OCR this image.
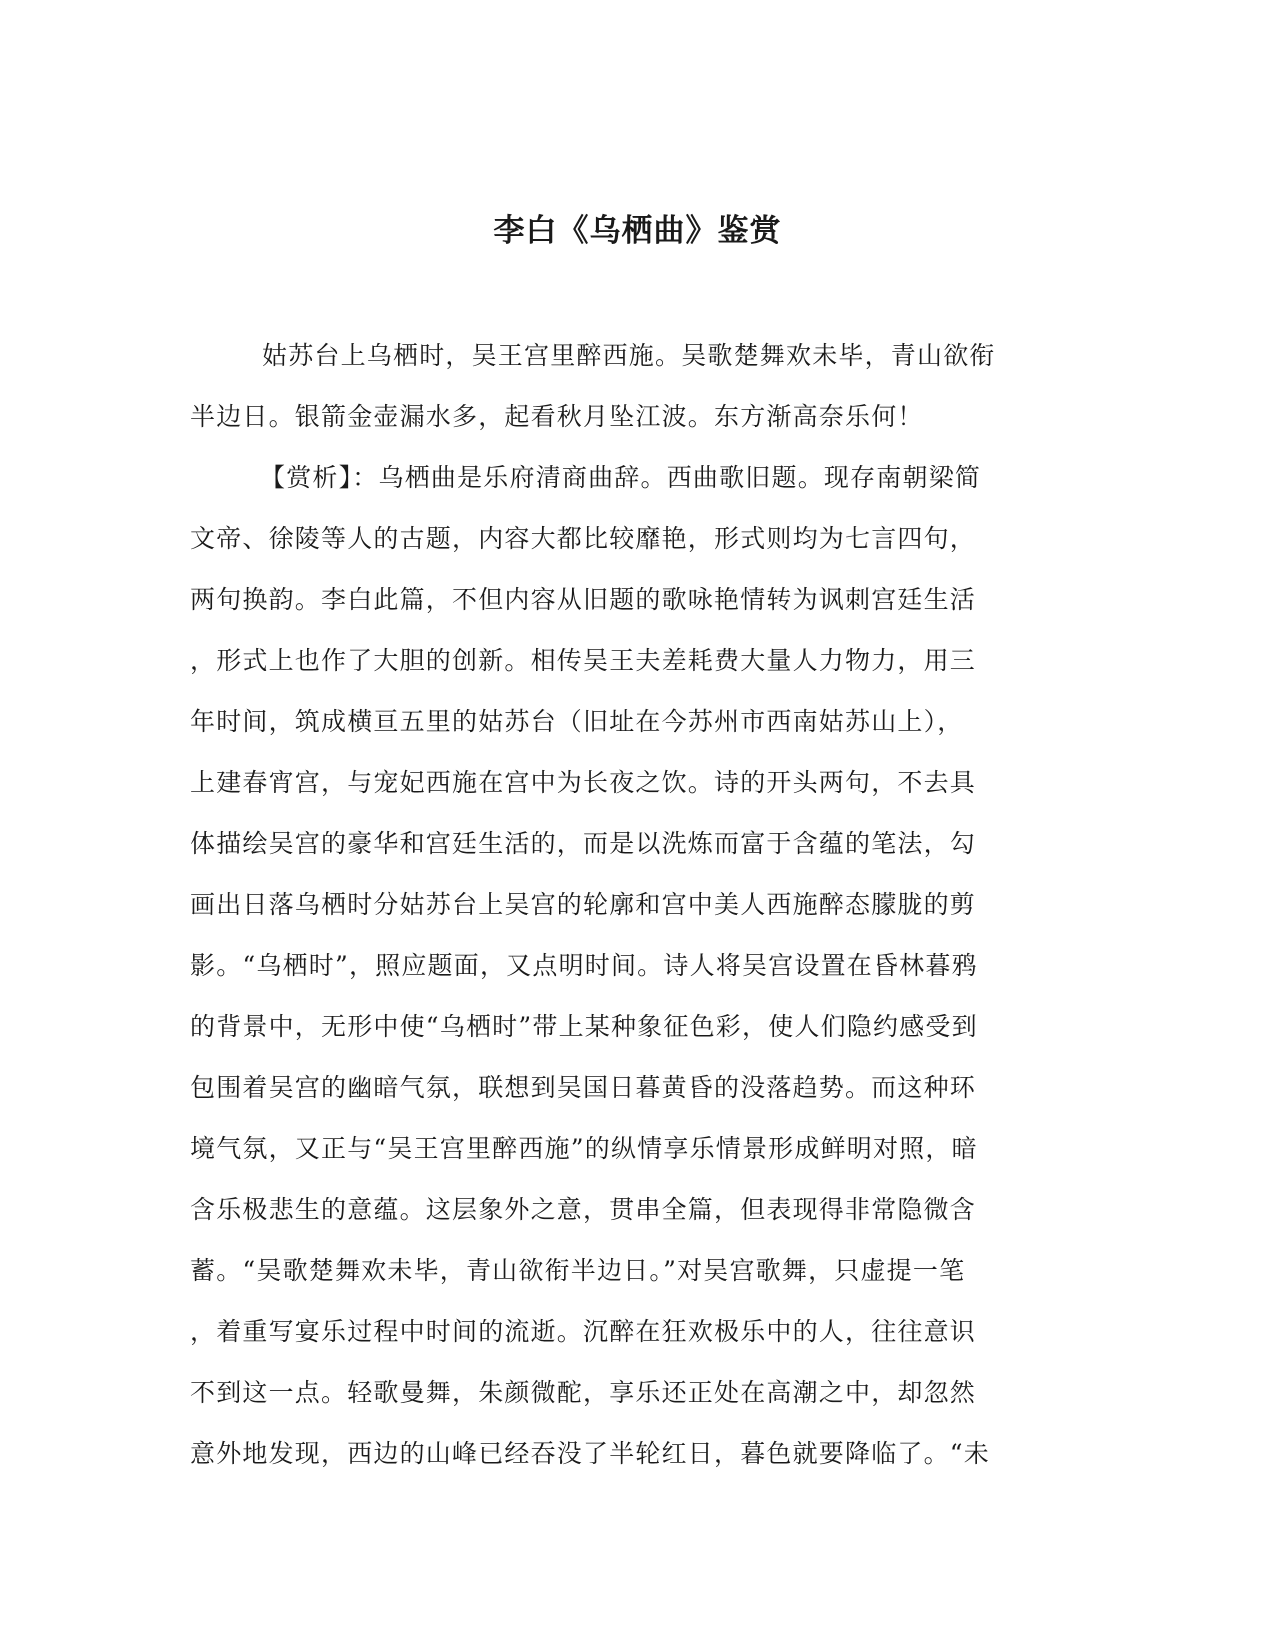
李白《乌栖曲》鉴赏
姑苏台上乌栖时，吴王宫里醉西施。吴歌楚舞欢未毕，青山欲衔
半边日。银箭金壶漏水多，起看秋月坠江波。东方渐高奈乐何！
【赏析】：乌栖曲是乐府清商曲辞。西曲歌旧题。现存南朝梁简
文帝、徐陵等人的古题，内容大都比较靡艳，形式则均为七言四句，
两句换韵。李白此篇，不但内容从旧题的歌咏艳情转为讽刺宫廷生活
，形式上也作了大胆的创新。相传吴王夫差耗费大量人力物力，用三
年时间，筑成横亘五里的姑苏台（旧址在今苏州市西南姑苏山上），
上建春宵宫，与宠妃西施在宫中为长夜之饮。诗的开头两句，不去具
体描绘吴宫的豪华和宫廷生活的，而是以洗炼而富于含蕴的笔法，勾
画出日落乌栖时分姑苏台上吴宫的轮廓和宫中美人西施醉态朦胧的剪
影。“乌栖时”，照应题面，又点明时间。诗人将吴宫设置在昏林暮鸦
的背景中，无形中使“乌栖时”带上某种象征色彩，使人们隐约感受到
包围着吴宫的幽暗气氛，联想到吴国日暮黄昏的没落趋势。而这种环
境气氛，又正与“吴王宫里醉西施”的纵情享乐情景形成鲜明对照，暗
含乐极悲生的意蕴。这层象外之意，贯串全篇，但表现得非常隐微含
蓄。“吴歌楚舞欢未毕，青山欲衔半边日。”对吴宫歌舞，只虚提一笔
，着重写宴乐过程中时间的流逝。沉醉在狂欢极乐中的人，往往意识
不到这一点。轻歌曼舞，朱颜微酡，享乐还正处在高潮之中，却忽然
意外地发现，西边的山峰已经吞没了半轮红日，暮色就要降临了。“未
